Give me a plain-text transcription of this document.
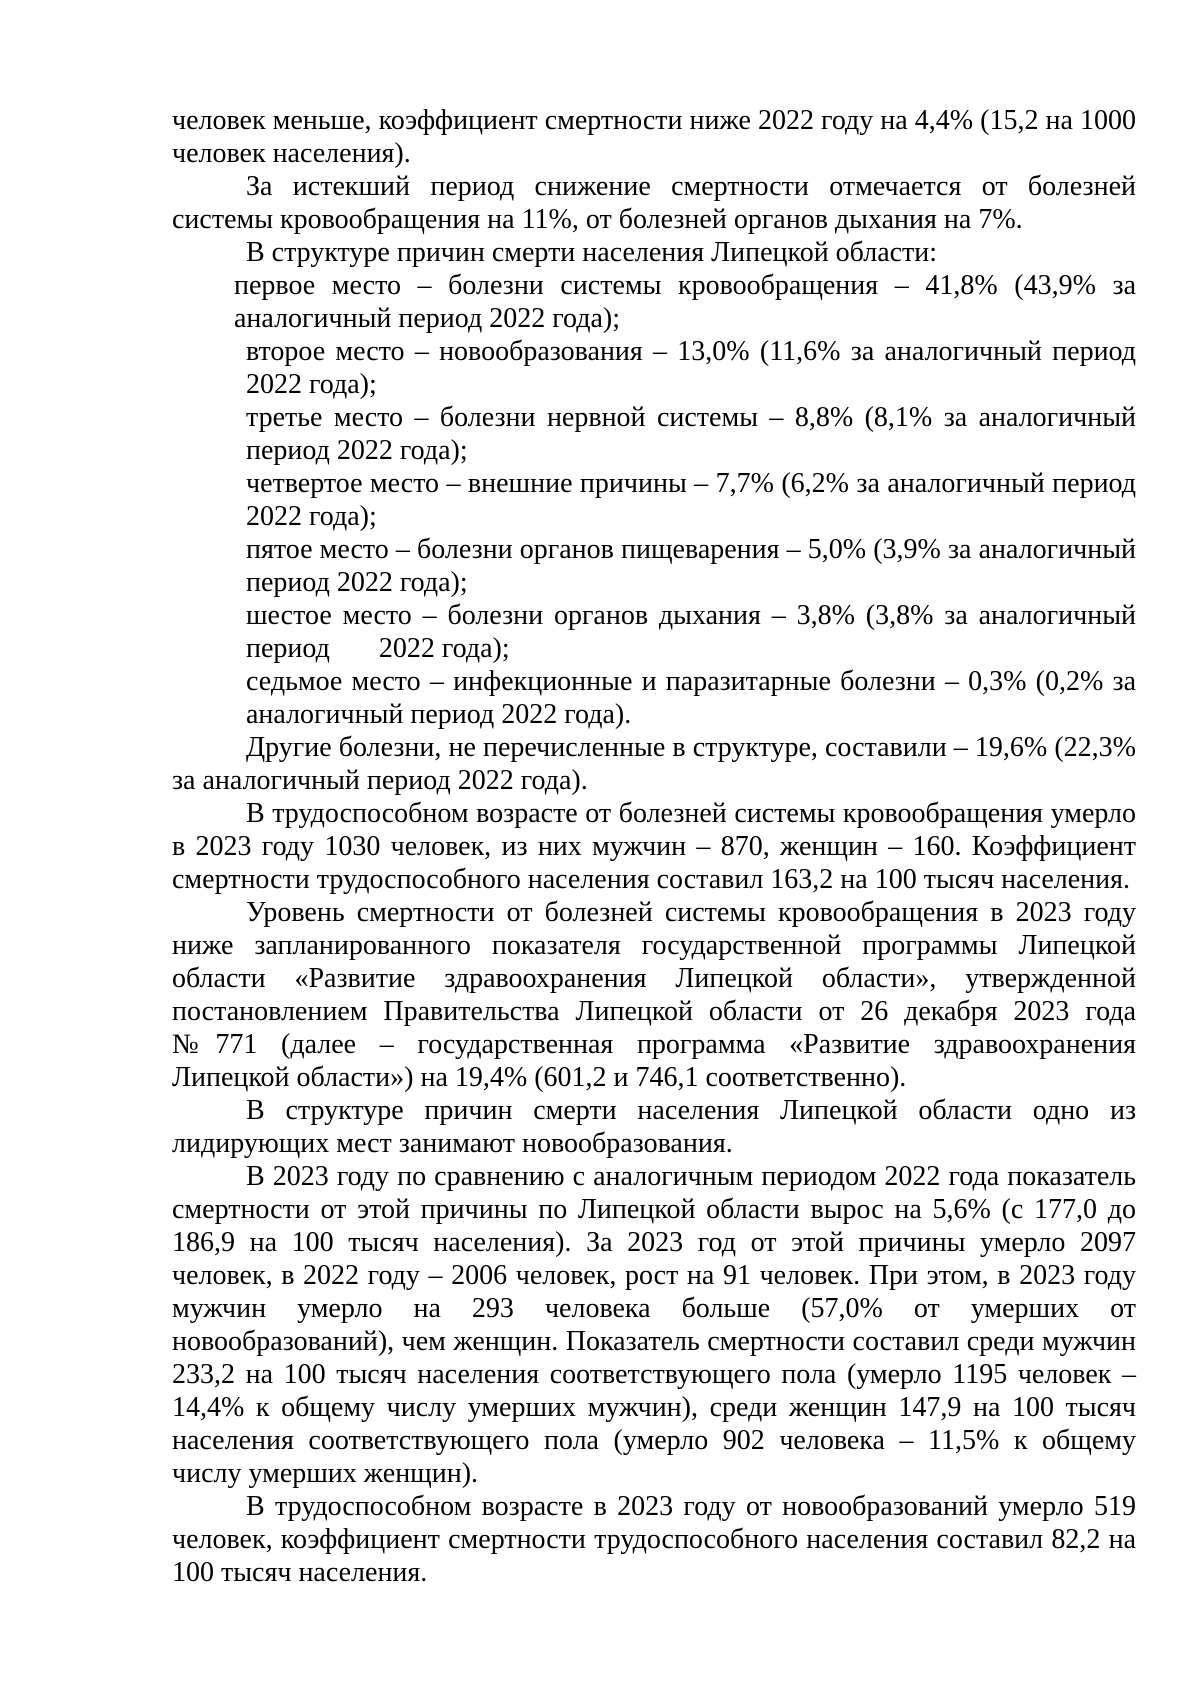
человек меньше, коэффициент смертности ниже 2022 году на 4,4% (15,2 на 1000 человек населения).

За истекший период снижение смертности отмечается от болезней системы кровообращения на 11%, от болезней органов дыхания на 7%.

В структуре причин смерти населения Липецкой области:

первое место – болезни системы кровообращения – 41,8% (43,9% за аналогичный период 2022 года);

второе место – новообразования – 13,0% (11,6% за аналогичный период 2022 года);

третье место – болезни нервной системы – 8,8% (8,1% за аналогичный период 2022 года);

четвертое место – внешние причины – 7,7% (6,2% за аналогичный период 2022 года);

пятое место – болезни органов пищеварения – 5,0% (3,9% за аналогичный период 2022 года);

шестое место – болезни органов дыхания – 3,8% (3,8% за аналогичный период       2022 года);

седьмое место – инфекционные и паразитарные болезни – 0,3% (0,2% за аналогичный период 2022 года).

Другие болезни, не перечисленные в структуре, составили – 19,6% (22,3% за аналогичный период 2022 года).

В трудоспособном возрасте от болезней системы кровообращения умерло в 2023 году 1030 человек, из них мужчин – 870, женщин – 160. Коэффициент смертности трудоспособного населения составил 163,2 на 100 тысяч населения.

Уровень смертности от болезней системы кровообращения в 2023 году ниже запланированного показателя государственной программы Липецкой области «Развитие здравоохранения Липецкой области», утвержденной постановлением Правительства Липецкой области от 26 декабря 2023 года №771 (далее – государственная программа «Развитие здравоохранения Липецкой области») на 19,4% (601,2 и 746,1 соответственно).

В структуре причин смерти населения Липецкой области одно из лидирующих мест занимают новообразования.

В 2023 году по сравнению с аналогичным периодом 2022 года показатель смертности от этой причины по Липецкой области вырос на 5,6% (с 177,0 до 186,9 на 100 тысяч населения). За 2023 год от этой причины умерло 2097 человек, в 2022 году – 2006 человек, рост на 91 человек. При этом, в 2023 году мужчин умерло на 293 человека больше (57,0% от умерших от новообразований), чем женщин. Показатель смертности составил среди мужчин 233,2 на 100 тысяч населения соответствующего пола (умерло 1195 человек – 14,4% к общему числу умерших мужчин), среди женщин 147,9 на 100 тысяч населения соответствующего пола (умерло 902 человека – 11,5% к общему числу умерших женщин).

В трудоспособном возрасте в 2023 году от новообразований умерло 519 человек, коэффициент смертности трудоспособного населения составил 82,2 на 100 тысяч населения.
